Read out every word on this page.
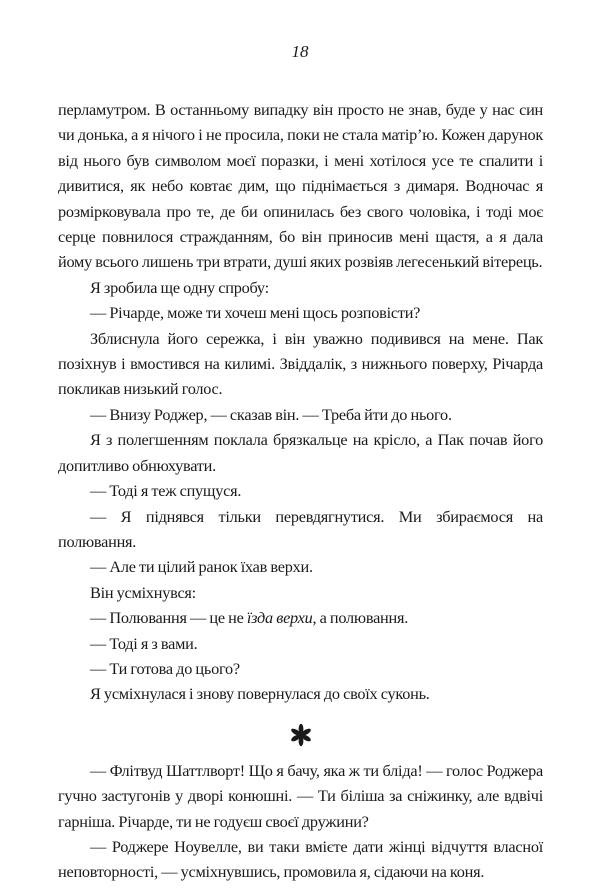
18

перламутром. В останньому випадку він просто не знав, буде у нас син чи донька, а я нічого і не просила, поки не стала матір’ю. Кожен дарунок від нього був символом моєї поразки, і мені хотілося усе те спалити і дивитися, як небо ковтає дим, що піднімається з димаря. Водночас я розмірковувала про те, де би опинилась без свого чоловіка, і тоді моє серце повнилося стражданням, бо він приносив мені щастя, а я дала йому всього лишень три втрати, душі яких розвіяв легесенький вітерець.

Я зробила ще одну спробу:

— Річарде, може ти хочеш мені щось розповісти?

Зблиснула його сережка, і він уважно подивився на мене. Пак позіхнув і вмостився на килимі. Звіддалік, з нижнього поверху, Річарда покликав низький голос.

— Внизу Роджер, — сказав він. — Треба йти до нього.

Я з полегшенням поклала брязкальце на крісло, а Пак почав його допитливо обнюхувати.

— Тоді я теж спущуся.

— Я піднявся тільки перевдягнутися. Ми збираємося на полювання.

— Але ти цілий ранок їхав верхи.

Він усміхнувся:

— Полювання — це не їзда верхи, а полювання.

— Тоді я з вами.

— Ти готова до цього?

Я усміхнулася і знову повернулася до своїх суконь.

— Флітвуд Шаттлворт! Що я бачу, яка ж ти бліда! — голос Роджера гучно застугонів у дворі конюшні. — Ти біліша за сніжинку, але вдвічі гарніша. Річарде, ти не годуєш своєї дружини?

— Роджере Ноувелле, ви таки вмієте дати жінці відчуття власної неповторності, — усміхнувшись, промовила я, сідаючи на коня.
